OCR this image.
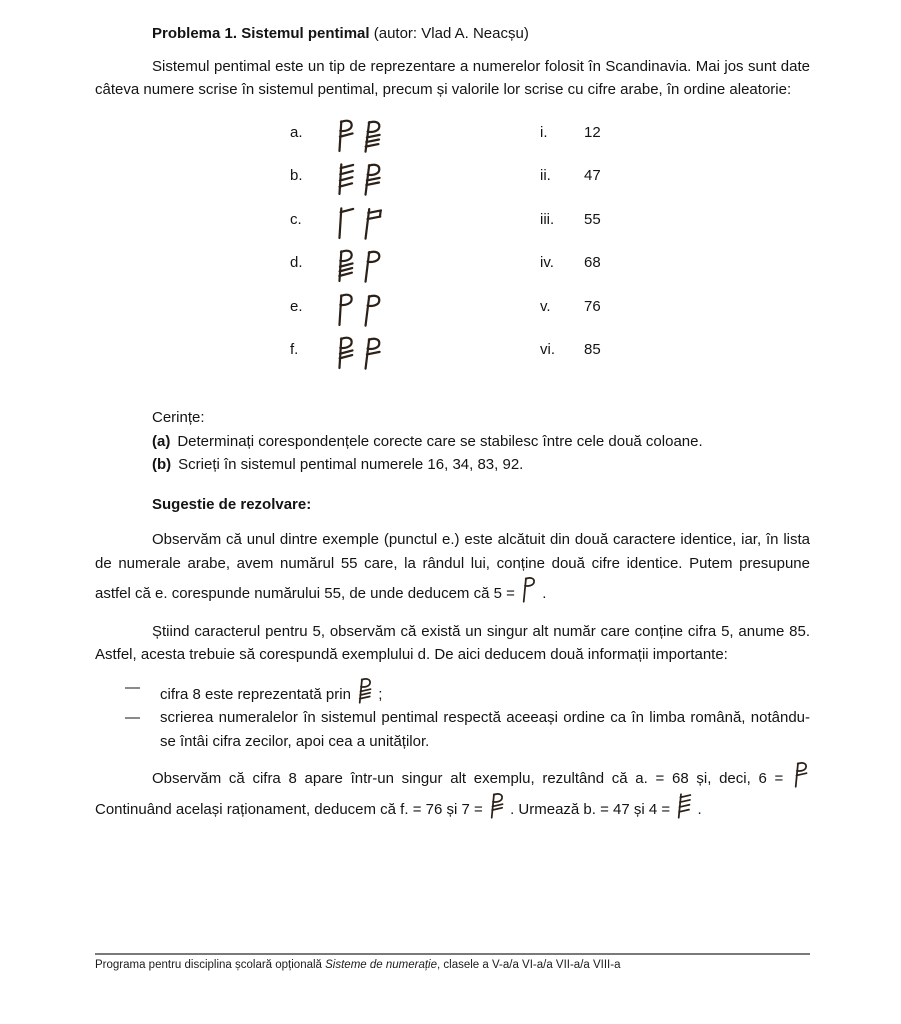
Problema 1. Sistemul pentimal (autor: Vlad A. Neacșu)

Sistemul pentimal este un tip de reprezentare a numerelor folosit în Scandinavia. Mai jos sunt date câteva numere scrise în sistemul pentimal, precum și valorile lor scrise cu cifre arabe, în ordine aleatorie:

a.	i. 12
b.	ii. 47
c.	iii. 55
d.	iv. 68
e.	v. 76
f.	vi. 85

Cerințe:

(a) Determinați corespondențele corecte care se stabilesc între cele două coloane.

(b) Scrieți în sistemul pentimal numerele 16, 34, 83, 92.

Sugestie de rezolvare:

Observăm că unul dintre exemple (punctul e.) este alcătuit din două caractere identice, iar, în lista de numerale arabe, avem numărul 55 care, la rândul lui, conține două cifre identice. Putem presupune astfel că e. corespunde numărului 55, de unde deducem că 5 =  .

Știind caracterul pentru 5, observăm că există un singur alt număr care conține cifra 5, anume 85. Astfel, acesta trebuie să corespundă exemplului d. De aici deducem două informații importante:

— cifra 8 este reprezentată prin  ;
— scrierea numeralelor în sistemul pentimal respectă aceeași ordine ca în limba română, notându-se întâi cifra zecilor, apoi cea a unităților.

Observăm că cifra 8 apare într-un singur alt exemplu, rezultând că a. = 68 și, deci, 6 =  Continuând același raționament, deducem că f. = 76 și 7 =  . Urmează b. = 47 și 4 =  .

Programa pentru disciplina școlară opțională Sisteme de numerație, clasele a V-a/a VI-a/a VII-a/a VIII-a
